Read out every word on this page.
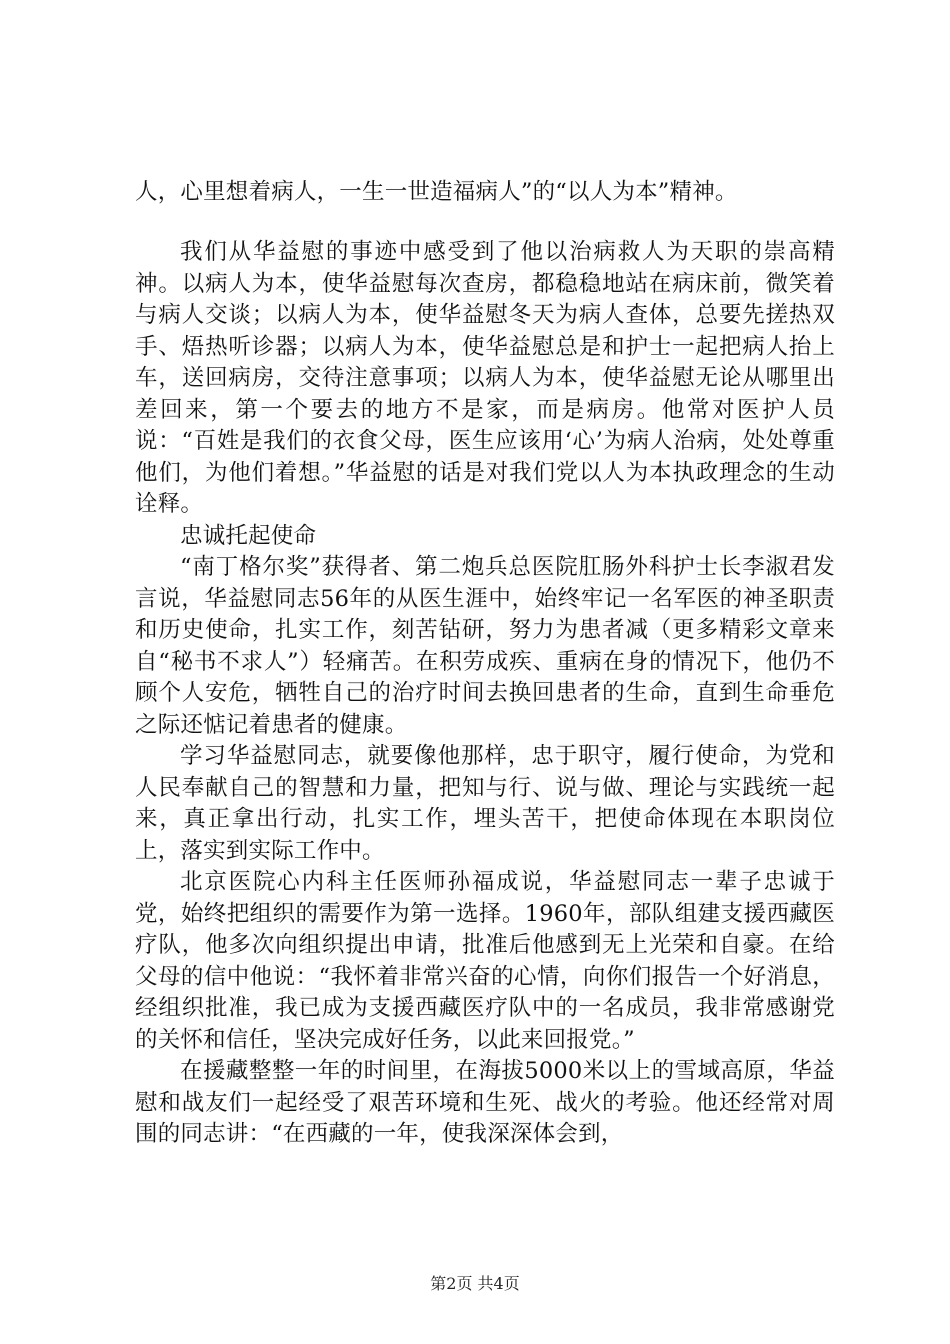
人，心里想着病人，一生一世造福病人”的“以人为本”精神。

我们从华益慰的事迹中感受到了他以治病救人为天职的崇高精神。以病人为本，使华益慰每次查房，都稳稳地站在病床前，微笑着与病人交谈；以病人为本，使华益慰冬天为病人查体，总要先搓热双手、焐热听诊器；以病人为本，使华益慰总是和护士一起把病人抬上车，送回病房，交待注意事项；以病人为本，使华益慰无论从哪里出差回来，第一个要去的地方不是家，而是病房。他常对医护人员说：“百姓是我们的衣食父母，医生应该用‘心’为病人治病，处处尊重他们，为他们着想。”华益慰的话是对我们党以人为本执政理念的生动诠释。

忠诚托起使命

“南丁格尔奖”获得者、第二炮兵总医院肛肠外科护士长李淑君发言说，华益慰同志56年的从医生涯中，始终牢记一名军医的神圣职责和历史使命，扎实工作，刻苦钻研，努力为患者减（更多精彩文章来自“秘书不求人”）轻痛苦。在积劳成疾、重病在身的情况下，他仍不顾个人安危，牺牲自己的治疗时间去换回患者的生命，直到生命垂危之际还惦记着患者的健康。

学习华益慰同志，就要像他那样，忠于职守，履行使命，为党和人民奉献自己的智慧和力量，把知与行、说与做、理论与实践统一起来，真正拿出行动，扎实工作，埋头苦干，把使命体现在本职岗位上，落实到实际工作中。

北京医院心内科主任医师孙福成说，华益慰同志一辈子忠诚于党，始终把组织的需要作为第一选择。1960年，部队组建支援西藏医疗队，他多次向组织提出申请，批准后他感到无上光荣和自豪。在给父母的信中他说：“我怀着非常兴奋的心情，向你们报告一个好消息，经组织批准，我已成为支援西藏医疗队中的一名成员，我非常感谢党的关怀和信任，坚决完成好任务，以此来回报党。”

在援藏整整一年的时间里，在海拔5000米以上的雪域高原，华益慰和战友们一起经受了艰苦环境和生死、战火的考验。他还经常对周围的同志讲：“在西藏的一年，使我深深体会到，

第2页 共4页
